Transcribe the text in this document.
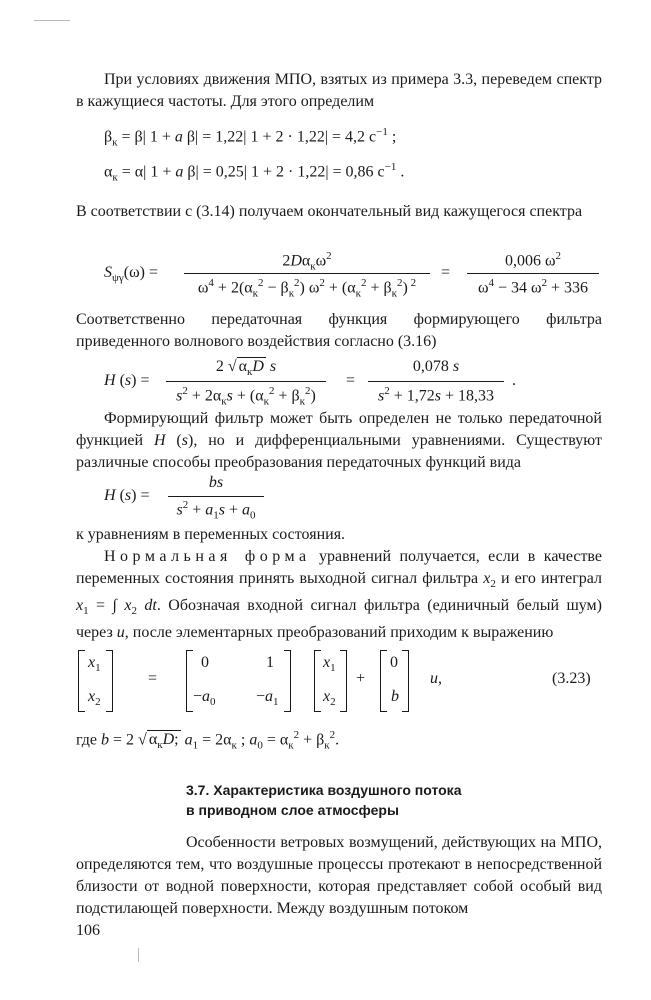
При условиях движения МПО, взятых из примера 3.3, переведем спектр в кажущиеся частоты. Для этого определим
$\beta_к = \beta|$ 1 + a β| = 1,22| 1 + 2 · 1,22| = 4,2 $с^{-1}$ ;
$\alpha_к = \alpha|$ 1 + a β| = 0,25| 1 + 2 · 1,22| = 0,86 $с^{-1}$ .
В соответствии с (3.14) получаем окончательный вид кажущегося спектра
$S_{\psi\gamma}(\omega)$ =
$2D\alpha_к\omega^2$
$\omega^4 + 2(\alpha_к^2 - \beta_к^2) \omega^2 + (\alpha_к^2 + \beta_к^2)$ $^2$
=
0,006 $\omega^2$
$\omega^4 - 34$ $\omega^2 + 336$
Соответственно передаточная функция формирующего фильтра приведенного волнового воздействия согласно (3.16)
H (s) =
2 √ $\alpha_кD$ s
$s^2 + 2\alpha_кs + (\alpha_к^2 + \beta_к^2)$
=
0,078 s
$s^2 + 1,72s + 18,33$
.
Формирующий фильтр может быть определен не только передаточной функцией H (s), но и дифференциальными уравнениями. Существуют различные способы преобразования передаточных функций вида
H (s) =
bs
$s^2 + a_1s + a_0$
к уравнениям в переменных состояния.
Нормальная форма уравнений получается, если в качестве переменных состояния принять выходной сигнал фильтра $x_2$ и его интеграл $x_1$ = ∫ $x_2$ dt. Обозначая входной сигнал фильтра (единичный белый шум) через u, после элементарных преобразований приходим к выражению
$x_1$
$x_2$
=
0	1
$-a_0$	$-a_1$
$x_1$
$x_2$
+
0
b
u,	(3.23)
где b = 2 √ $\alpha_кD$; $a_1 = 2\alpha_к$ ; $a_0 = \alpha_к^2 + \beta_к^2$.
3.7. Характеристика воздушного потока
в приводном слое атмосферы
Особенности ветровых возмущений, действующих на МПО, определяются тем, что воздушные процессы протекают в непосредственной близости от водной поверхности, которая представляет собой особый вид подстилающей поверхности. Между воздушным потоком
106
